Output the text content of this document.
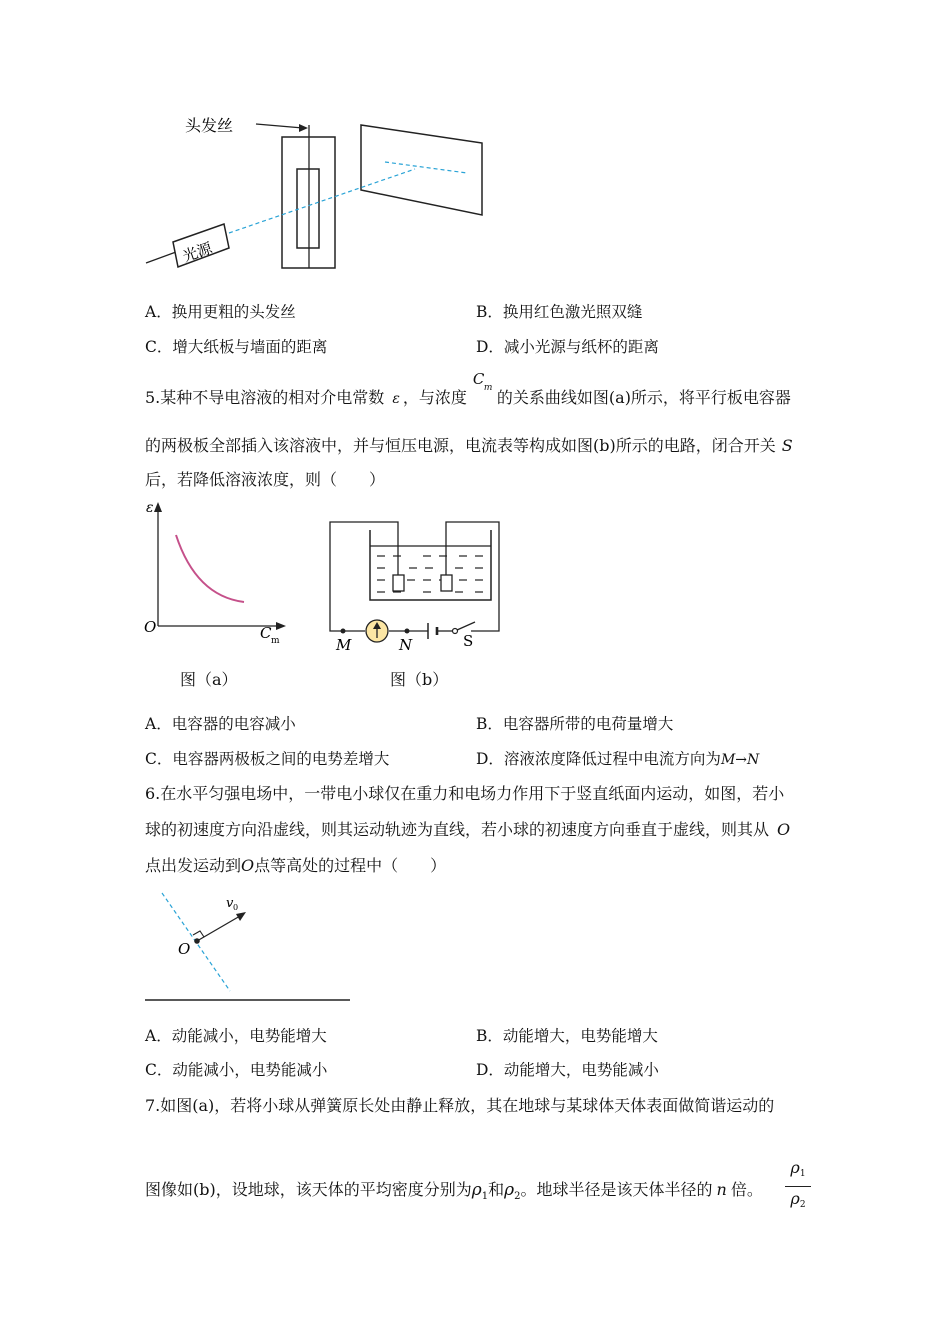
光源
头发丝
A．换用更粗的头发丝	B．换用红色激光照双缝
C．增大纸板与墙面的距离	D．减小光源与纸杯的距离
5.某种不导电溶液的相对介电常数 ε ，与浓度
C m 的关系曲线如图(a)所示，将平行板电容器
的两极板全部插入该溶液中，并与恒压电源，电流表等构成如图(b)所示的电路，闭合开关 S
后，若降低溶液浓度，则（　　）
ε
O	C m
图（a）
M	N	S
图（b）
A．电容器的电容减小	B．电容器所带的电荷量增大
C．电容器两极板之间的电势差增大	D．溶液浓度降低过程中电流方向为M→N
6.在水平匀强电场中，一带电小球仅在重力和电场力作用下于竖直纸面内运动，如图，若小
球的初速度方向沿虚线，则其运动轨迹为直线，若小球的初速度方向垂直于虚线，则其从 O
点出发运动到O点等高处的过程中（　　）
v 0
O
A．动能减小，电势能增大	B．动能增大，电势能增大
C．动能减小，电势能减小	D．动能增大，电势能减小
7.如图(a)，若将小球从弹簧原长处由静止释放，其在地球与某球体天体表面做简谐运动的
图像如(b)，设地球，该天体的平均密度分别为$\rho_1$和$\rho_2$。地球半径是该天体半径的 n 倍。
ρ1
ρ2
